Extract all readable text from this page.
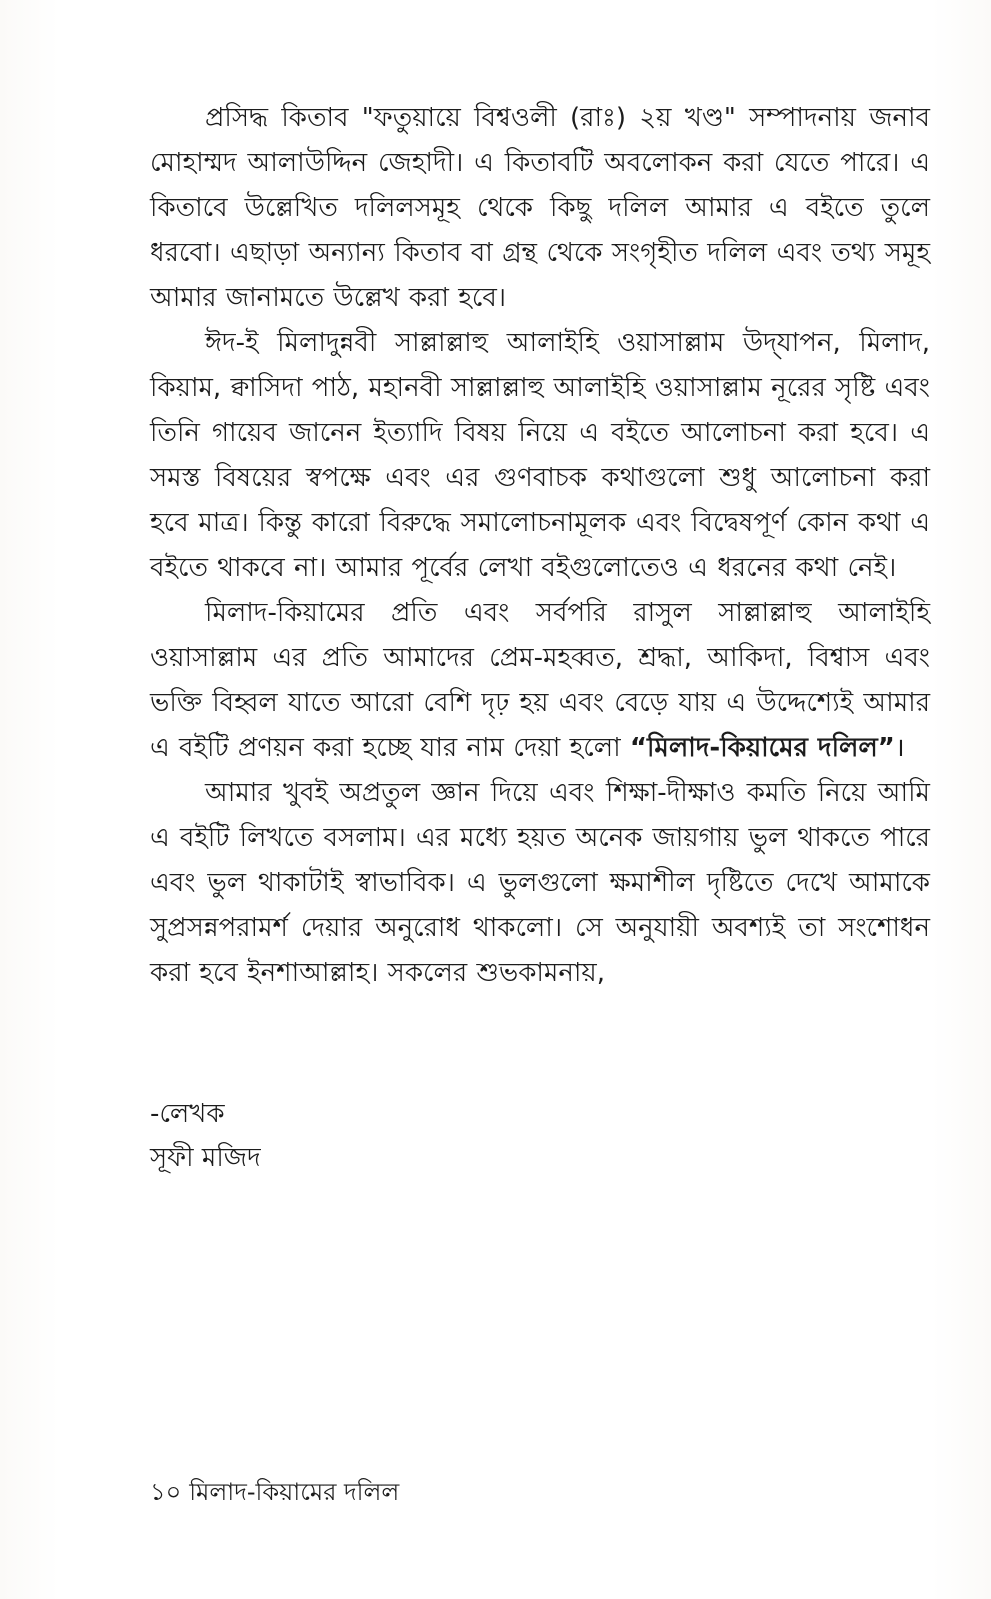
প্রসিদ্ধ কিতাব "ফতুয়ায়ে বিশ্বওলী (রাঃ) ২য় খণ্ড" সম্পাদনায় জনাব মোহাম্মদ আলাউদ্দিন জেহাদী। এ কিতাবটি অবলোকন করা যেতে পারে। এ কিতাবে উল্লেখিত দলিলসমূহ থেকে কিছু দলিল আমার এ বইতে তুলে ধরবো। এছাড়া অন্যান্য কিতাব বা গ্রন্থ থেকে সংগৃহীত দলিল এবং তথ্য সমূহ আমার জানামতে উল্লেখ করা হবে।

ঈদ-ই মিলাদুন্নবী সাল্লাল্লাহু আলাইহি ওয়াসাল্লাম উদ্‌যাপন, মিলাদ, কিয়াম, ক্বাসিদা পাঠ, মহানবী সাল্লাল্লাহু আলাইহি ওয়াসাল্লাম নূরের সৃষ্টি এবং তিনি গায়েব জানেন ইত্যাদি বিষয় নিয়ে এ বইতে আলোচনা করা হবে। এ সমস্ত বিষয়ের স্বপক্ষে এবং এর গুণবাচক কথাগুলো শুধু আলোচনা করা হবে মাত্র। কিন্তু কারো বিরুদ্ধে সমালোচনামূলক এবং বিদ্বেষপূর্ণ কোন কথা এ বইতে থাকবে না। আমার পূর্বের লেখা বইগুলোতেও এ ধরনের কথা নেই।

মিলাদ-কিয়ামের প্রতি এবং সর্বপরি রাসুল সাল্লাল্লাহু আলাইহি ওয়াসাল্লাম এর প্রতি আমাদের প্রেম-মহব্বত, শ্রদ্ধা, আকিদা, বিশ্বাস এবং ভক্তি বিহ্বল যাতে আরো বেশি দৃঢ় হয় এবং বেড়ে যায় এ উদ্দেশ্যেই আমার এ বইটি প্রণয়ন করা হচ্ছে যার নাম দেয়া হলো “মিলাদ-কিয়ামের দলিল”।

আমার খুবই অপ্রতুল জ্ঞান দিয়ে এবং শিক্ষা-দীক্ষাও কমতি নিয়ে আমি এ বইটি লিখতে বসলাম। এর মধ্যে হয়ত অনেক জায়গায় ভুল থাকতে পারে এবং ভুল থাকাটাই স্বাভাবিক। এ ভুলগুলো ক্ষমাশীল দৃষ্টিতে দেখে আমাকে সুপ্রসন্নপরামর্শ দেয়ার অনুরোধ থাকলো। সে অনুযায়ী অবশ্যই তা সংশোধন করা হবে ইনশাআল্লাহ। সকলের শুভকামনায়,

-লেখক
সূফী মজিদ
১০ মিলাদ-কিয়ামের দলিল
